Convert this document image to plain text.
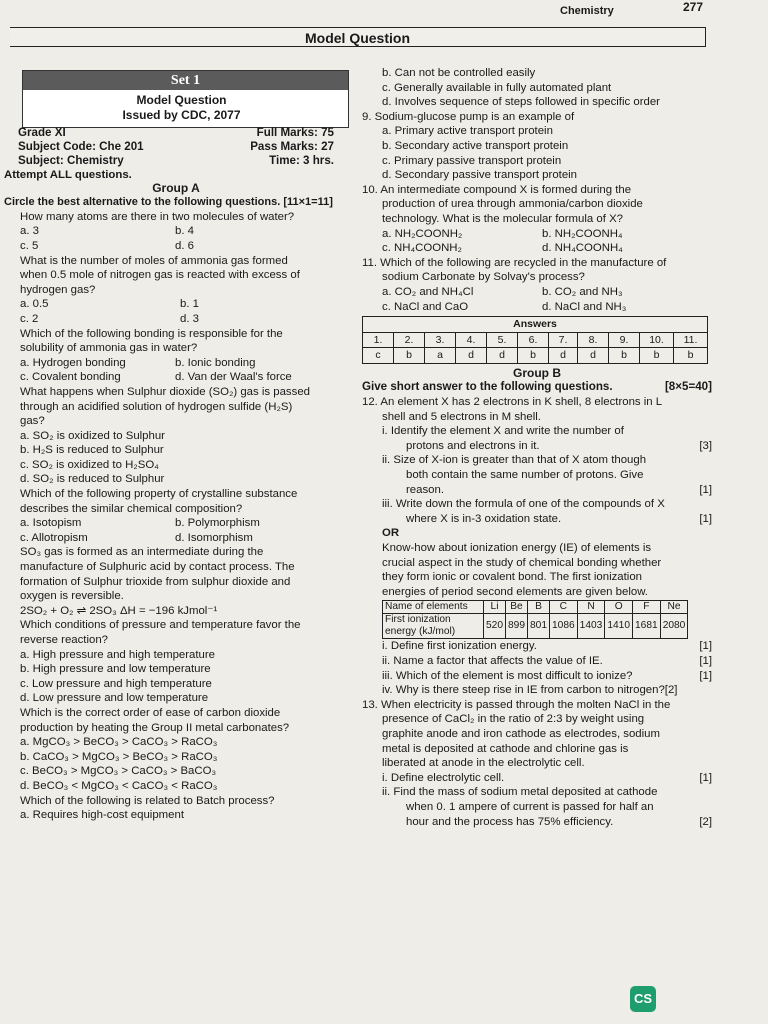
Chemistry	277
Model Question
Set 1
Model Question
Issued by CDC, 2077
Grade XI	Full Marks: 75
Subject Code: Che 201	Pass Marks: 27
Subject: Chemistry	Time: 3 hrs.
Attempt ALL questions.
Group A
Circle the best alternative to the following questions. [11×1=11]
How many atoms are there in two molecules of water?
a. 3	b. 4
c. 5	d. 6
What is the number of moles of ammonia gas formed
when 0.5 mole of nitrogen gas is reacted with excess of
hydrogen gas?
a. 0.5	b. 1
c. 2	d. 3
Which of the following bonding is responsible for the
solubility of ammonia gas in water?
a. Hydrogen bonding	b. Ionic bonding
c. Covalent bonding	d. Van der Waal's force
What happens when Sulphur dioxide (SO₂) gas is passed
through an acidified solution of hydrogen sulfide (H₂S)
gas?
a. SO₂ is oxidized to Sulphur
b. H₂S is reduced to Sulphur
c. SO₂ is oxidized to H₂SO₄
d. SO₂ is reduced to Sulphur
Which of the following property of crystalline substance
describes the similar chemical composition?
a. Isotopism	b. Polymorphism
c. Allotropism	d. Isomorphism
SO₃ gas is formed as an intermediate during the
manufacture of Sulphuric acid by contact process. The
formation of Sulphur trioxide from sulphur dioxide and
oxygen is reversible.
2SO₂ + O₂ ⇌ 2SO₃ ΔH = −196 kJmol⁻¹
Which conditions of pressure and temperature favor the
reverse reaction?
a. High pressure and high temperature
b. High pressure and low temperature
c. Low pressure and high temperature
d. Low pressure and low temperature
Which is the correct order of ease of carbon dioxide
production by heating the Group II metal carbonates?
a. MgCO₃ > BeCO₃ > CaCO₃ > RaCO₃
b. CaCO₃ > MgCO₃ > BeCO₃ > RaCO₃
c. BeCO₃ > MgCO₃ > CaCO₃ > BaCO₃
d. BeCO₃ < MgCO₃ < CaCO₃ < RaCO₃
Which of the following is related to Batch process?
a. Requires high-cost equipment
b. Can not be controlled easily
c. Generally available in fully automated plant
d. Involves sequence of steps followed in specific order
9. Sodium-glucose pump is an example of
a. Primary active transport protein
b. Secondary active transport protein
c. Primary passive transport protein
d. Secondary passive transport protein
10. An intermediate compound X is formed during the
production of urea through ammonia/carbon dioxide
technology. What is the molecular formula of X?
a. NH₂COONH₂	b. NH₂COONH₄
c. NH₄COONH₂	d. NH₄COONH₄
11. Which of the following are recycled in the manufacture of
sodium Carbonate by Solvay's process?
a. CO₂ and NH₄Cl	b. CO₂ and NH₃
c. NaCl and CaO	d. NaCl and NH₃
Answers										
1.	2.	3.	4.	5.	6.	7.	8.	9.	10.	11.
c	b	a	d	d	b	d	d	b	b	b
Group B
Give short answer to the following questions.	[8×5=40]
12. An element X has 2 electrons in K shell, 8 electrons in L
shell and 5 electrons in M shell.
i. Identify the element X and write the number of
protons and electrons in it.	[3]
ii. Size of X-ion is greater than that of X atom though
both contain the same number of protons. Give
reason.	[1]
iii. Write down the formula of one of the compounds of X
where X is in-3 oxidation state.	[1]
OR
Know-how about ionization energy (IE) of elements is
crucial aspect in the study of chemical bonding whether
they form ionic or covalent bond. The first ionization
energies of period second elements are given below.
Name of elements	Li	Be	B	C	N	O	F	Ne
First ionization energy (kJ/mol)	520	899	801	1086	1403	1410	1681	2080
i. Define first ionization energy.	[1]
ii. Name a factor that affects the value of IE.	[1]
iii. Which of the element is most difficult to ionize?	[1]
iv. Why is there steep rise in IE from carbon to nitrogen?[2]
13. When electricity is passed through the molten NaCl in the
presence of CaCl₂ in the ratio of 2:3 by weight using
graphite anode and iron cathode as electrodes, sodium
metal is deposited at cathode and chlorine gas is
liberated at anode in the electrolytic cell.
i. Define electrolytic cell.	[1]
ii. Find the mass of sodium metal deposited at cathode
when 0. 1 ampere of current is passed for half an
hour and the process has 75% efficiency.	[2]
CS
